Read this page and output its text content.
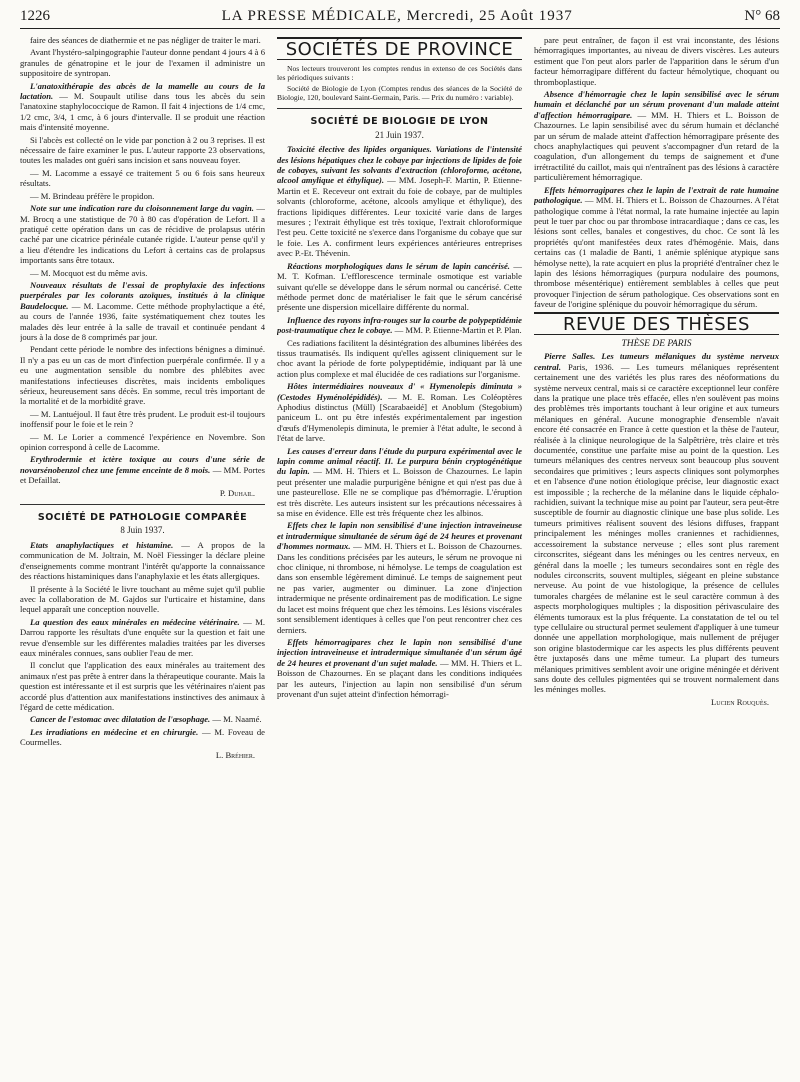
1226	LA PRESSE MÉDICALE, Mercredi, 25 Août 1937	N° 68

faire des séances de diathermie et ne pas négliger de traiter le mari.

Avant l'hystéro-salpingographie l'auteur donne pendant 4 jours 4 à 6 granules de génatropine et le jour de l'examen il administre un suppositoire de syntropan.

L'anatoxithérapie des abcès de la mamelle au cours de la lactation. — M. Soupault utilise dans tous les abcès du sein l'anatoxine staphylococcique de Ramon. Il fait 4 injections de 1/4 cmc, 1/2 cmc, 3/4, 1 cmc, à 6 jours d'intervalle. Il se produit une réaction mais d'intensité moyenne.

Si l'abcès est collecté on le vide par ponction à 2 ou 3 reprises. Il est nécessaire de faire examiner le pus. L'auteur rapporte 23 observations, toutes les malades ont guéri sans incision et sans nouveau foyer.

— M. Lacomme a essayé ce traitement 5 ou 6 fois sans heureux résultats.

— M. Brindeau préfère le propidon.

Note sur une indication rare du cloisonnement large du vagin. — M. Brocq a une statistique de 70 à 80 cas d'opération de Lefort. Il a pratiqué cette opération dans un cas de récidive de prolapsus utérin caché par une cicatrice périnéale cutanée rigide. L'auteur pense qu'il y a lieu d'étendre les indications du Lefort à certains cas de prolapsus importants sans être totaux.

— M. Mocquot est du même avis.

Nouveaux résultats de l'essai de prophylaxie des infections puerpérales par les colorants azoïques, institués à la clinique Baudelocque. — M. Lacomme. Cette méthode prophylactique a été, au cours de l'année 1936, faite systématiquement chez toutes les malades dès leur entrée à la salle de travail et continuée pendant 4 jours à la dose de 8 comprimés par jour.

Pendant cette période le nombre des infections bénignes a diminué. Il n'y a pas eu un cas de mort d'infection puerpérale confirmée. Il y a eu une augmentation sensible du nombre des phlébites avec manifestations infectieuses discrètes, mais incidents emboliques sérieux, heureusement sans décès. En somme, recul très important de la mortalité et de la morbidité grave.

— M. Lantuéjoul. Il faut être très prudent. Le produit est-il toujours inoffensif pour le foie et le rein ?

— M. Le Lorier a commencé l'expérience en Novembre. Son opinion correspond à celle de Lacomme.

Erythrodermie et ictère toxique au cours d'une série de novarsénobenzol chez une femme enceinte de 8 mois. — MM. Portes et Defaillat.

P. Duhail.
SOCIÉTÉ DE PATHOLOGIE COMPARÉE
8 Juin 1937.

Etats anaphylactiques et histamine. — A propos de la communication de M. Joltrain, M. Noël Fiessinger la déclare pleine d'enseignements comme montrant l'intérêt qu'apporte la connaissance des réactions histaminiques dans l'anaphylaxie et les états allergiques.

Il présente à la Société le livre touchant au même sujet qu'il publie avec la collaboration de M. Gajdos sur l'urticaire et histamine, dans lequel apparaît une conception nouvelle.

La question des eaux minérales en médecine vétérinaire. — M. Darrou rapporte les résultats d'une enquête sur la question et fait une revue d'ensemble sur les différentes maladies traitées par les diverses eaux minérales connues, sans oublier l'eau de mer.

Il conclut que l'application des eaux minérales au traitement des animaux n'est pas prête à entrer dans la thérapeutique courante. Mais la question est intéressante et il est surpris que les vétérinaires n'aient pas accordé plus d'attention aux manifestations instinctives des animaux à l'égard de cette médication.

Cancer de l'estomac avec dilatation de l'œsophage. — M. Naamé.

Les irradiations en médecine et en chirurgie. — M. Foveau de Courmelles.

L. Bréhier.
SOCIÉTÉS DE PROVINCE

Nos lecteurs trouveront les comptes rendus in extenso de ces Sociétés dans les périodiques suivants :

Société de Biologie de Lyon (Comptes rendus des séances de la Société de Biologie, 120, boulevard Saint-Germain, Paris. — Prix du numéro : variable).

SOCIÉTÉ DE BIOLOGIE DE LYON
21 Juin 1937.

Toxicité élective des lipides organiques. Variations de l'intensité des lésions hépatiques chez le cobaye par injections de lipides de foie de cobayes, suivant les solvants d'extraction (chloroforme, acétone, alcool amylique et éthylique). — MM. Joseph-F. Martin, P. Etienne-Martin et E. Receveur ont extrait du foie de cobaye, par de multiples solvants (chloroforme, acétone, alcools amylique et éthylique), des fractions lipidiques différentes. Leur toxicité varie dans de larges mesures ; l'extrait éthylique est très toxique, l'extrait chloroformique l'est peu. Cette toxicité ne s'exerce dans l'organisme du cobaye que sur le foie. Les A. confirment leurs expériences antérieures entreprises avec P.-Et. Thévenin.

Réactions morphologiques dans le sérum de lapin cancérisé. — M. T. Kofman. L'efflorescence terminale osmotique est variable suivant qu'elle se développe dans le sérum normal ou cancérisé. Cette méthode permet donc de matérialiser le fait que le sérum cancérisé présente une dispersion micellaire différente du normal.

Influence des rayons infra-rouges sur la courbe de polypeptidémie post-traumatique chez le cobaye. — MM. P. Etienne-Martin et P. Plan.

Ces radiations facilitent la désintégration des albumines libérées des tissus traumatisés. Ils indiquent qu'elles agissent cliniquement sur le choc avant la période de forte polypeptidémie, indiquant par là une action plus complexe et mal élucidée de ces radiations sur l'organisme.

Hôtes intermédiaires nouveaux d' « Hymenolepis diminuta » (Cestodes Hyménolépididés). — M. E. Roman. Les Coléoptères Aphodius distinctus (Müll) [Scarabaeidé] et Anoblum (Stegobium) paniceum L. ont pu être infestés expérimentalement par ingestion d'œufs d'Hymenolepis diminuta, le premier à l'état adulte, le second à l'état de larve.

Les causes d'erreur dans l'étude du purpura expérimental avec le lapin comme animal réactif. II. Le purpura bénin cryptogénétique du lapin. — MM. H. Thiers et L. Boisson de Chazournes. Le lapin peut présenter une maladie purpurigène bénigne et qui n'est pas due à une pasteurellose. Elle ne se complique pas d'hémorragie. L'éruption est très discrète. Les auteurs insistent sur les précautions nécessaires à sa mise en évidence. Elle est très fréquente chez les albinos.

Effets chez le lapin non sensibilisé d'une injection intraveineuse et intradermique simultanée de sérum âgé de 24 heures et provenant d'hommes normaux. — MM. H. Thiers et L. Boisson de Chazournes. Dans les conditions précisées par les auteurs, le sérum ne provoque ni choc clinique, ni thrombose, ni hémolyse. Le temps de coagulation est dans son ensemble légèrement diminué. Le temps de saignement peut ne pas varier, augmenter ou diminuer. La zone d'injection intradermique ne présente ordinairement pas de modification. Le signe du lacet est moins fréquent que chez les témoins. Les lésions viscérales sont sensiblement identiques à celles que l'on peut rencontrer chez ces derniers.

Effets hémorragipares chez le lapin non sensibilisé d'une injection intraveineuse et intradermique simultanée d'un sérum âgé de 24 heures et provenant d'un sujet malade. — MM. H. Thiers et L. Boisson de Chazournes. En se plaçant dans les conditions indiquées par les auteurs, l'injection au lapin non sensibilisé d'un sérum provenant d'un sujet atteint d'infection hémorragi-

pare peut entraîner, de façon il est vrai inconstante, des lésions hémorragiques importantes, au niveau de divers viscères. Les auteurs estiment que l'on peut alors parler de l'apparition dans le sérum d'un facteur hémorragipare différent du facteur hémolytique, choquant ou thromboplastique.

Absence d'hémorragie chez le lapin sensibilisé avec le sérum humain et déclanché par un sérum provenant d'un malade atteint d'affection hémorragipare. — MM. H. Thiers et L. Boisson de Chazournes. Le lapin sensibilisé avec du sérum humain et déclanché par un sérum de malade atteint d'affection hémorragipare présente des chocs anaphylactiques qui peuvent s'accompagner d'un retard de la coagulation, d'un allongement du temps de saignement et d'une irrétractilité du caillot, mais qui n'entraînent pas des lésions à caractère particulièrement hémorragique.

Effets hémorragipares chez le lapin de l'extrait de rate humaine pathologique. — MM. H. Thiers et L. Boisson de Chazournes. A l'état pathologique comme à l'état normal, la rate humaine injectée au lapin peut le tuer par choc ou par thrombose intracardiaque ; dans ce cas, les lésions sont celles, banales et congestives, du choc. Ce sont là les propriétés qu'ont manifestées deux rates d'hémogénie. Mais, dans certains cas (1 maladie de Banti, 1 anémie splénique atypique sans hémolyse nette), la rate acquiert en plus la propriété d'entraîner chez le lapin des lésions hémorragiques (purpura nodulaire des poumons, thrombose mésentérique) entièrement semblables à celles que peut provoquer l'injection de sérum pathologique. Ces observations sont en faveur de l'origine splénique du pouvoir hémorragique du sérum.

REVUE DES THÈSES
THÈSE DE PARIS

Pierre Salles. Les tumeurs mélaniques du système nerveux central. Paris, 1936. — Les tumeurs mélaniques représentent certainement une des variétés les plus rares des néoformations du système nerveux central, mais si ce caractère exceptionnel leur confère dans la pratique une place très effacée, elles n'en soulèvent pas moins des problèmes très importants touchant à leur origine et aux tumeurs mélaniques en général. Aucune monographie d'ensemble n'avait encore été consacrée en France à cette question et la thèse de l'auteur, réalisée à la clinique neurologique de la Salpêtrière, très claire et très documentée, constitue une parfaite mise au point de la question. Les tumeurs mélaniques des centres nerveux sont beaucoup plus souvent secondaires que primitives ; leurs aspects cliniques sont polymorphes et en l'absence d'une notion étiologique précise, leur diagnostic exact est impossible ; la recherche de la mélanine dans le liquide céphalo-rachidien, suivant la technique mise au point par l'auteur, sera peut-être susceptible de fournir au diagnostic clinique une base plus solide. Les tumeurs primitives réalisent souvent des lésions diffuses, frappant principalement les méninges molles craniennes et rachidiennes, accessoirement la substance nerveuse ; elles sont plus rarement circonscrites, siégeant dans les méninges ou les centres nerveux, en général dans la moelle ; les tumeurs secondaires sont en règle des nodules circonscrits, souvent multiples, siégeant en pleine substance nerveuse. Au point de vue histologique, la présence de cellules tumorales chargées de mélanine est le seul caractère commun à des aspects morphologiques multiples ; la disposition périvasculaire des éléments tumoraux est la plus fréquente. La constatation de tel ou tel type cellulaire ou structural permet seulement d'appliquer à une tumeur donnée une appellation morphologique, mais nullement de préjuger son origine blastodermique car les aspects les plus différents peuvent être juxtaposés dans une même tumeur. La plupart des tumeurs mélaniques primitives semblent avoir une origine méningée et dérivent sans doute des cellules pigmentées qui se trouvent normalement dans les méninges molles.

Lucien Rouquès.
